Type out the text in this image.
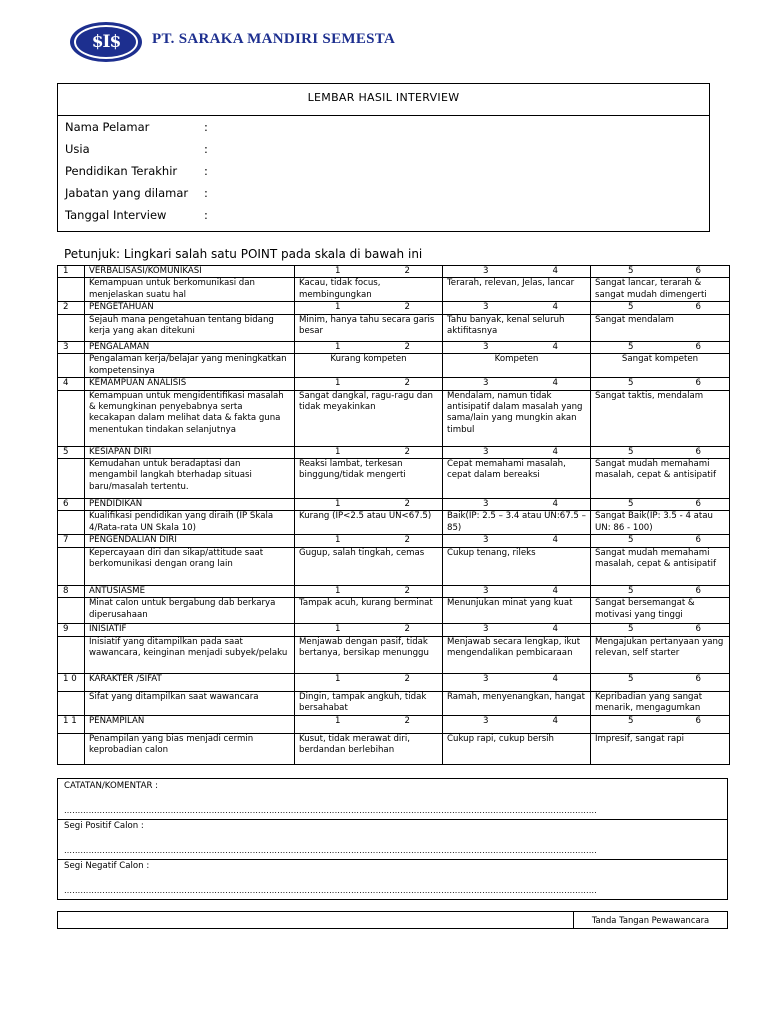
$I$	PT. SARAKA MANDIRI SEMESTA
LEMBAR HASIL INTERVIEW
Nama Pelamar	:
Usia	:
Pendidikan Terakhir :
Jabatan yang dilamar :
Tanggal Interview	:
Petunjuk: Lingkari salah satu POINT pada skala di bawah ini
1	VERBALISASI/KOMUNIKASI	1 2	3 4	5 6

	Kemampuan untuk berkomunikasi dan menjelaskan suatu hal	Kacau, tidak focus, membingungkan	Terarah, relevan, Jelas, lancar	Sangat lancar, terarah & sangat mudah dimengerti
2	PENGETAHUAN	1 2	3 4	5 6

	Sejauh mana pengetahuan tentang bidang kerja yang akan ditekuni	Minim, hanya tahu secara garis besar	Tahu banyak, kenal seluruh aktifitasnya	Sangat mendalam
3	PENGALAMAN	1 2	3 4	5 6

	Pengalaman kerja/belajar yang meningkatkan kompetensinya	Kurang kompeten	Kompeten	Sangat kompeten
4	KEMAMPUAN ANALISIS	1 2	3 4	5 6

	Kemampuan untuk mengidentifikasi masalah & kemungkinan penyebabnya serta kecakapan dalam melihat data & fakta guna menentukan tindakan selanjutnya	Sangat dangkal, ragu-ragu dan tidak meyakinkan	Mendalam, namun tidak antisipatif dalam masalah yang sama/lain yang mungkin akan timbul	Sangat taktis, mendalam
5	KESIAPAN DIRI	1 2	3 4	5 6

	Kemudahan untuk beradaptasi dan mengambil langkah bterhadap situasi baru/masalah tertentu.	Reaksi lambat, terkesan binggung/tidak mengerti	Cepat memahami masalah, cepat dalam bereaksi	Sangat mudah memahami masalah, cepat & antisipatif
6	PENDIDIKAN	1 2	3 4	5 6

	Kualifikasi pendidikan yang diraih (IP Skala 4/Rata-rata UN Skala 10)	Kurang (IP<2.5 atau UN<67.5)	Baik(IP: 2.5 – 3.4 atau UN:67.5 – 85)	Sangat Baik(IP: 3.5 - 4 atau UN: 86 - 100)
7	PENGENDALIAN DIRI	1 2	3 4	5 6

	Kepercayaan diri dan sikap/attitude saat berkomunikasi dengan orang lain	Gugup, salah tingkah, cemas	Cukup tenang, rileks	Sangat mudah memahami masalah, cepat & antisipatif
8	ANTUSIASME	1 2	3 4	5 6

	Minat calon untuk bergabung dab berkarya diperusahaan	Tampak acuh, kurang berminat	Menunjukan minat yang kuat	Sangat bersemangat & motivasi yang tinggi
9	INISIATIF	1 2	3 4	5 6

	Inisiatif yang ditampilkan pada saat wawancara, keinginan menjadi subyek/pelaku	Menjawab dengan pasif, tidak bertanya, bersikap menunggu	Menjawab secara lengkap, ikut mengendalikan pembicaraan	Mengajukan pertanyaan yang relevan, self starter
1 0	KARAKTER /SIFAT	1 2	3 4	5 6

	Sifat yang ditampilkan saat wawancara	Dingin, tampak angkuh, tidak bersahabat	Ramah, menyenangkan, hangat	Kepribadian yang sangat menarik, mengagumkan
1 1	PENAMPILAN	1 2	3 4	5 6

	Penampilan yang bias menjadi cermin keprobadian calon	Kusut, tidak merawat diri, berdandan berlebihan	Cukup rapi, cukup bersih	Impresif, sangat rapi
CATATAN/KOMENTAR :
……………………………………………………………………………………………………………………………………………………………………………
Segi Positif Calon :
……………………………………………………………………………………………………………………………………………………………………………
Segi Negatif Calon :
……………………………………………………………………………………………………………………………………………………………………………
Tanda Tangan Pewawancara
